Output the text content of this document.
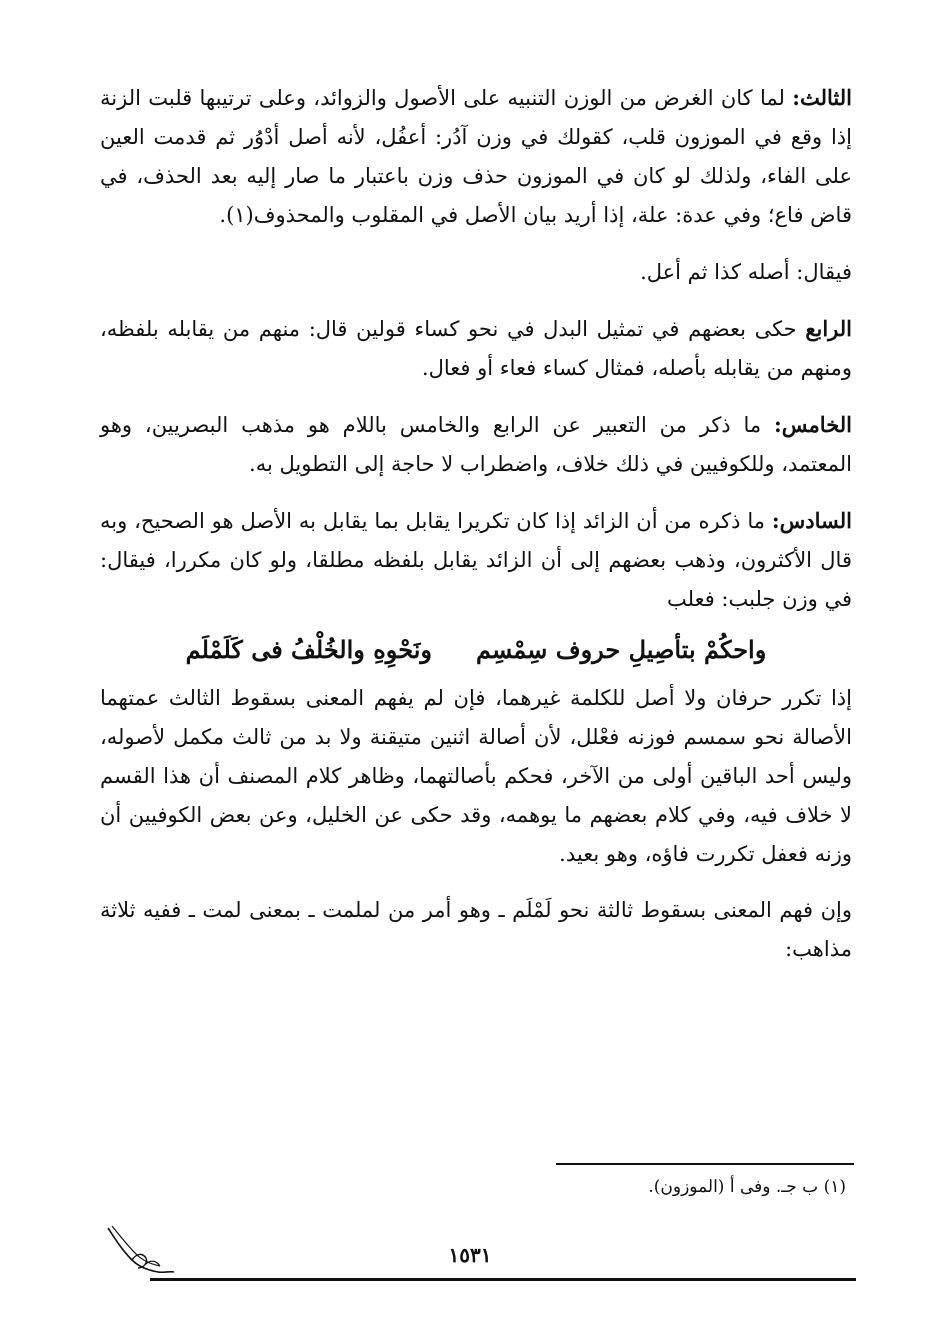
الثالث: لما كان الغرض من الوزن التنبيه على الأصول والزوائد، وعلى ترتيبها قلبت الزنة إذا وقع في الموزون قلب، كقولك في وزن آدُر: أعفُل، لأنه أصل أدْوُر ثم قدمت العين على الفاء، ولذلك لو كان في الموزون حذف وزن باعتبار ما صار إليه بعد الحذف، في قاض فاع؛ وفي عدة: علة، إذا أريد بيان الأصل في المقلوب والمحذوف(١).

فيقال: أصله كذا ثم أعل.

الرابع حكى بعضهم في تمثيل البدل في نحو كساء قولين قال: منهم من يقابله بلفظه، ومنهم من يقابله بأصله، فمثال كساء فعاء أو فعال.

الخامس: ما ذكر من التعبير عن الرابع والخامس باللام هو مذهب البصريين، وهو المعتمد، وللكوفيين في ذلك خلاف، واضطراب لا حاجة إلى التطويل به.

السادس: ما ذكره من أن الزائد إذا كان تكريرا يقابل بما يقابل به الأصل هو الصحيح، وبه قال الأكثرون، وذهب بعضهم إلى أن الزائد يقابل بلفظه مطلقا، ولو كان مكررا، فيقال: في وزن جلبب: فعلب

واحكُمْ بتأصِيلِ حروف سِمْسِمونَحْوِهِ والخُلْفُ فى كَلَمْلَم

إذا تكرر حرفان ولا أصل للكلمة غيرهما، فإن لم يفهم المعنى بسقوط الثالث عمتهما الأصالة نحو سمسم فوزنه فعْلل، لأن أصالة اثنين متيقنة ولا بد من ثالث مكمل لأصوله، وليس أحد الباقين أولى من الآخر، فحكم بأصالتهما، وظاهر كلام المصنف أن هذا القسم لا خلاف فيه، وفي كلام بعضهم ما يوهمه، وقد حكى عن الخليل، وعن بعض الكوفيين أن وزنه فعفل تكررت فاؤه، وهو بعيد.

وإن فهم المعنى بسقوط ثالثة نحو لَمْلَم ـ وهو أمر من لملمت ـ بمعنى لمت ـ ففيه ثلاثة مذاهب:

(١) ب جـ. وفى أ (الموزون).
١٥٣١
